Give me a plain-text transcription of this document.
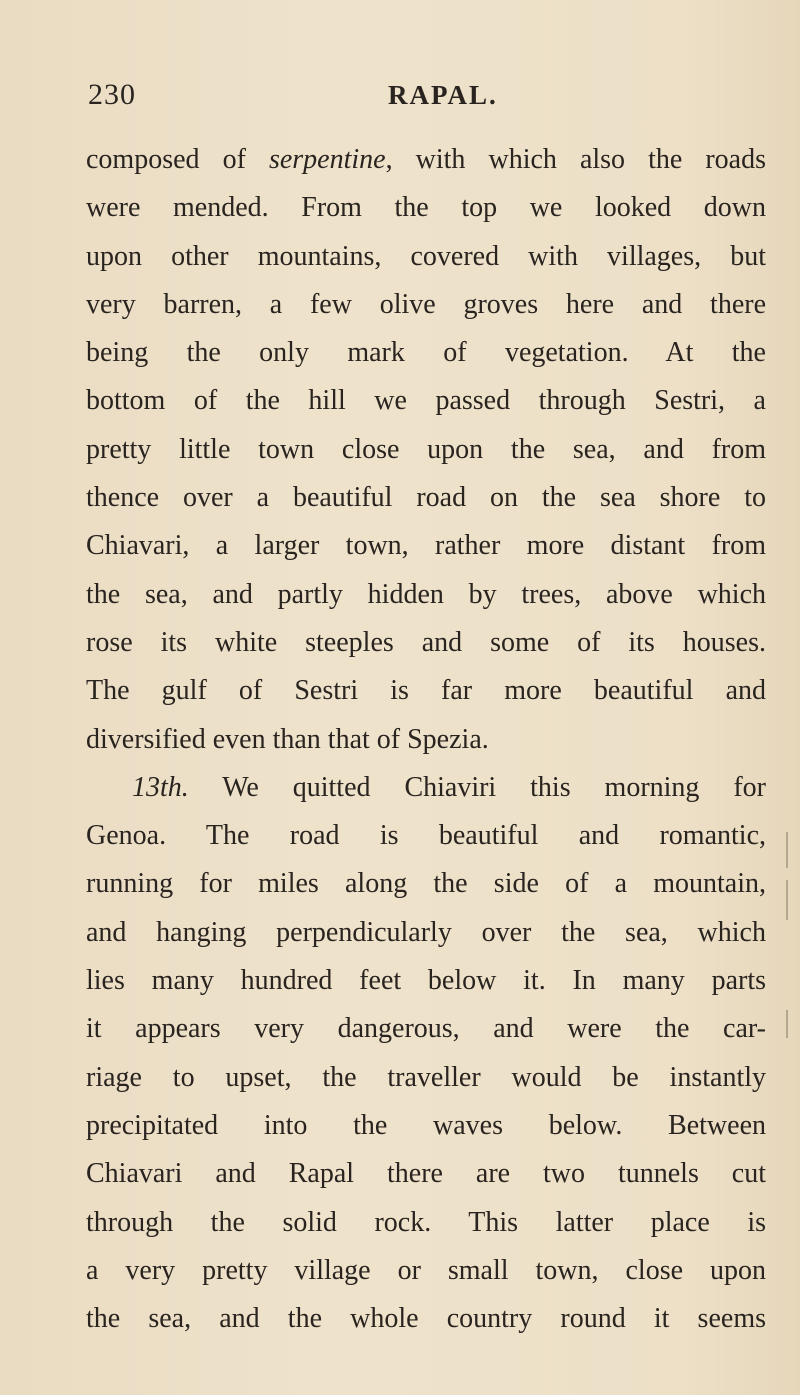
230	RAPAL.
composed of serpentine, with which also the roads
were mended. From the top we looked down
upon other mountains, covered with villages, but
very barren, a few olive groves here and there
being the only mark of vegetation. At the
bottom of the hill we passed through Sestri, a
pretty little town close upon the sea, and from
thence over a beautiful road on the sea shore to
Chiavari, a larger town, rather more distant from
the sea, and partly hidden by trees, above which
rose its white steeples and some of its houses.
The gulf of Sestri is far more beautiful and
diversified even than that of Spezia.
13th. We quitted Chiaviri this morning for
Genoa. The road is beautiful and romantic,
running for miles along the side of a mountain,
and hanging perpendicularly over the sea, which
lies many hundred feet below it. In many parts
it appears very dangerous, and were the car-
riage to upset, the traveller would be instantly
precipitated into the waves below. Between
Chiavari and Rapal there are two tunnels cut
through the solid rock. This latter place is
a very pretty village or small town, close upon
the sea, and the whole country round it seems
